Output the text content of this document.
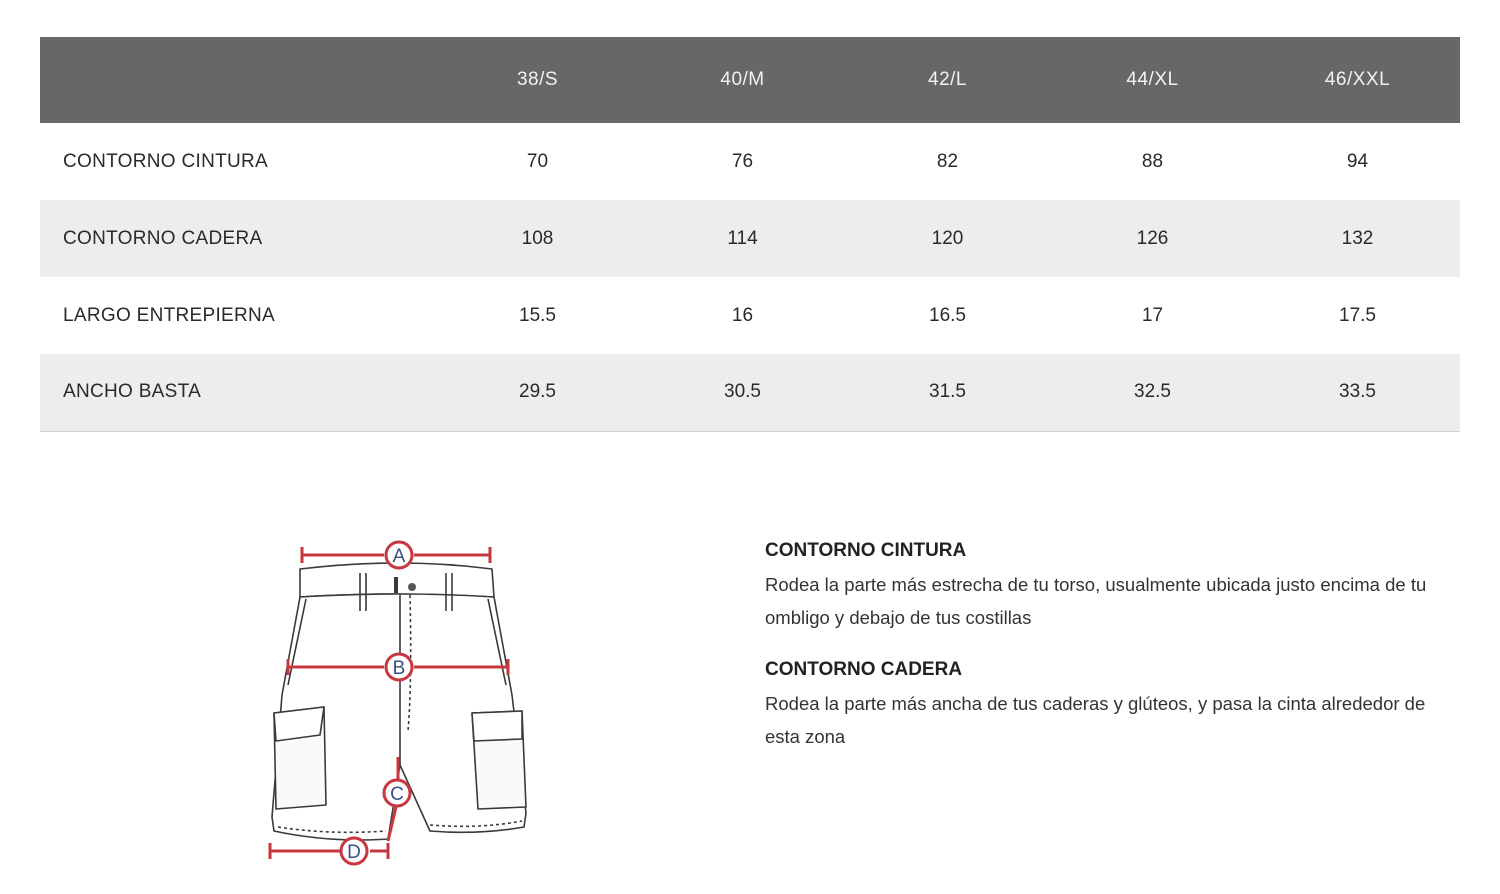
	38/S	40/M	42/L	44/XL	46/XXL
CONTORNO CINTURA	70	76	82	88	94
CONTORNO CADERA	108	114	120	126	132
LARGO ENTREPIERNA	15.5	16	16.5	17	17.5
ANCHO BASTA	29.5	30.5	31.5	32.5	33.5
A
B
C
D

CONTORNO CINTURA

Rodea la parte más estrecha de tu torso, usualmente ubicada justo encima de tu ombligo y debajo de tus costillas

CONTORNO CADERA

Rodea la parte más ancha de tus caderas y glúteos, y pasa la cinta alrededor de esta zona
